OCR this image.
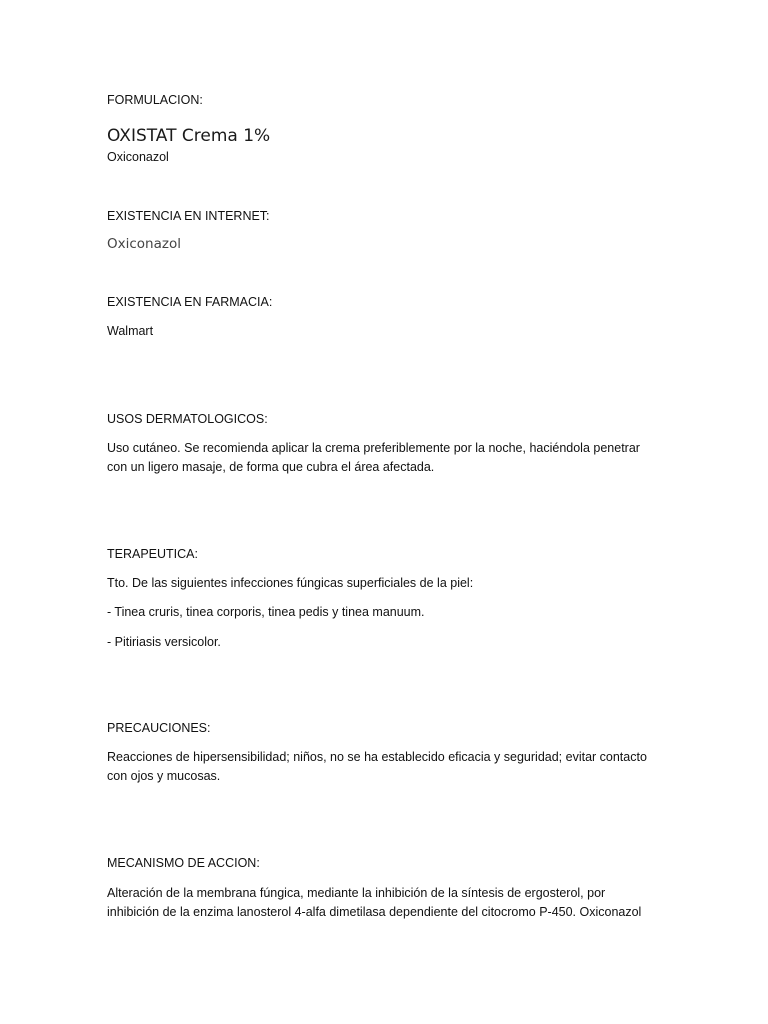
FORMULACION:

OXISTAT Crema 1%

Oxiconazol

EXISTENCIA EN INTERNET:

Oxiconazol

EXISTENCIA EN FARMACIA:

Walmart

USOS DERMATOLOGICOS:

Uso cutáneo. Se recomienda aplicar la crema preferiblemente por la noche, haciéndola penetrar

con un ligero masaje, de forma que cubra el área afectada.

TERAPEUTICA:

Tto. De las siguientes infecciones fúngicas superficiales de la piel:

- Tinea cruris, tinea corporis, tinea pedis y tinea manuum.

- Pitiriasis versicolor.

PRECAUCIONES:

Reacciones de hipersensibilidad; niños, no se ha establecido eficacia y seguridad; evitar contacto

con ojos y mucosas.

MECANISMO DE ACCION:

Alteración de la membrana fúngica, mediante la inhibición de la síntesis de ergosterol, por

inhibición de la enzima lanosterol 4-alfa dimetilasa dependiente del citocromo P-450. Oxiconazol
